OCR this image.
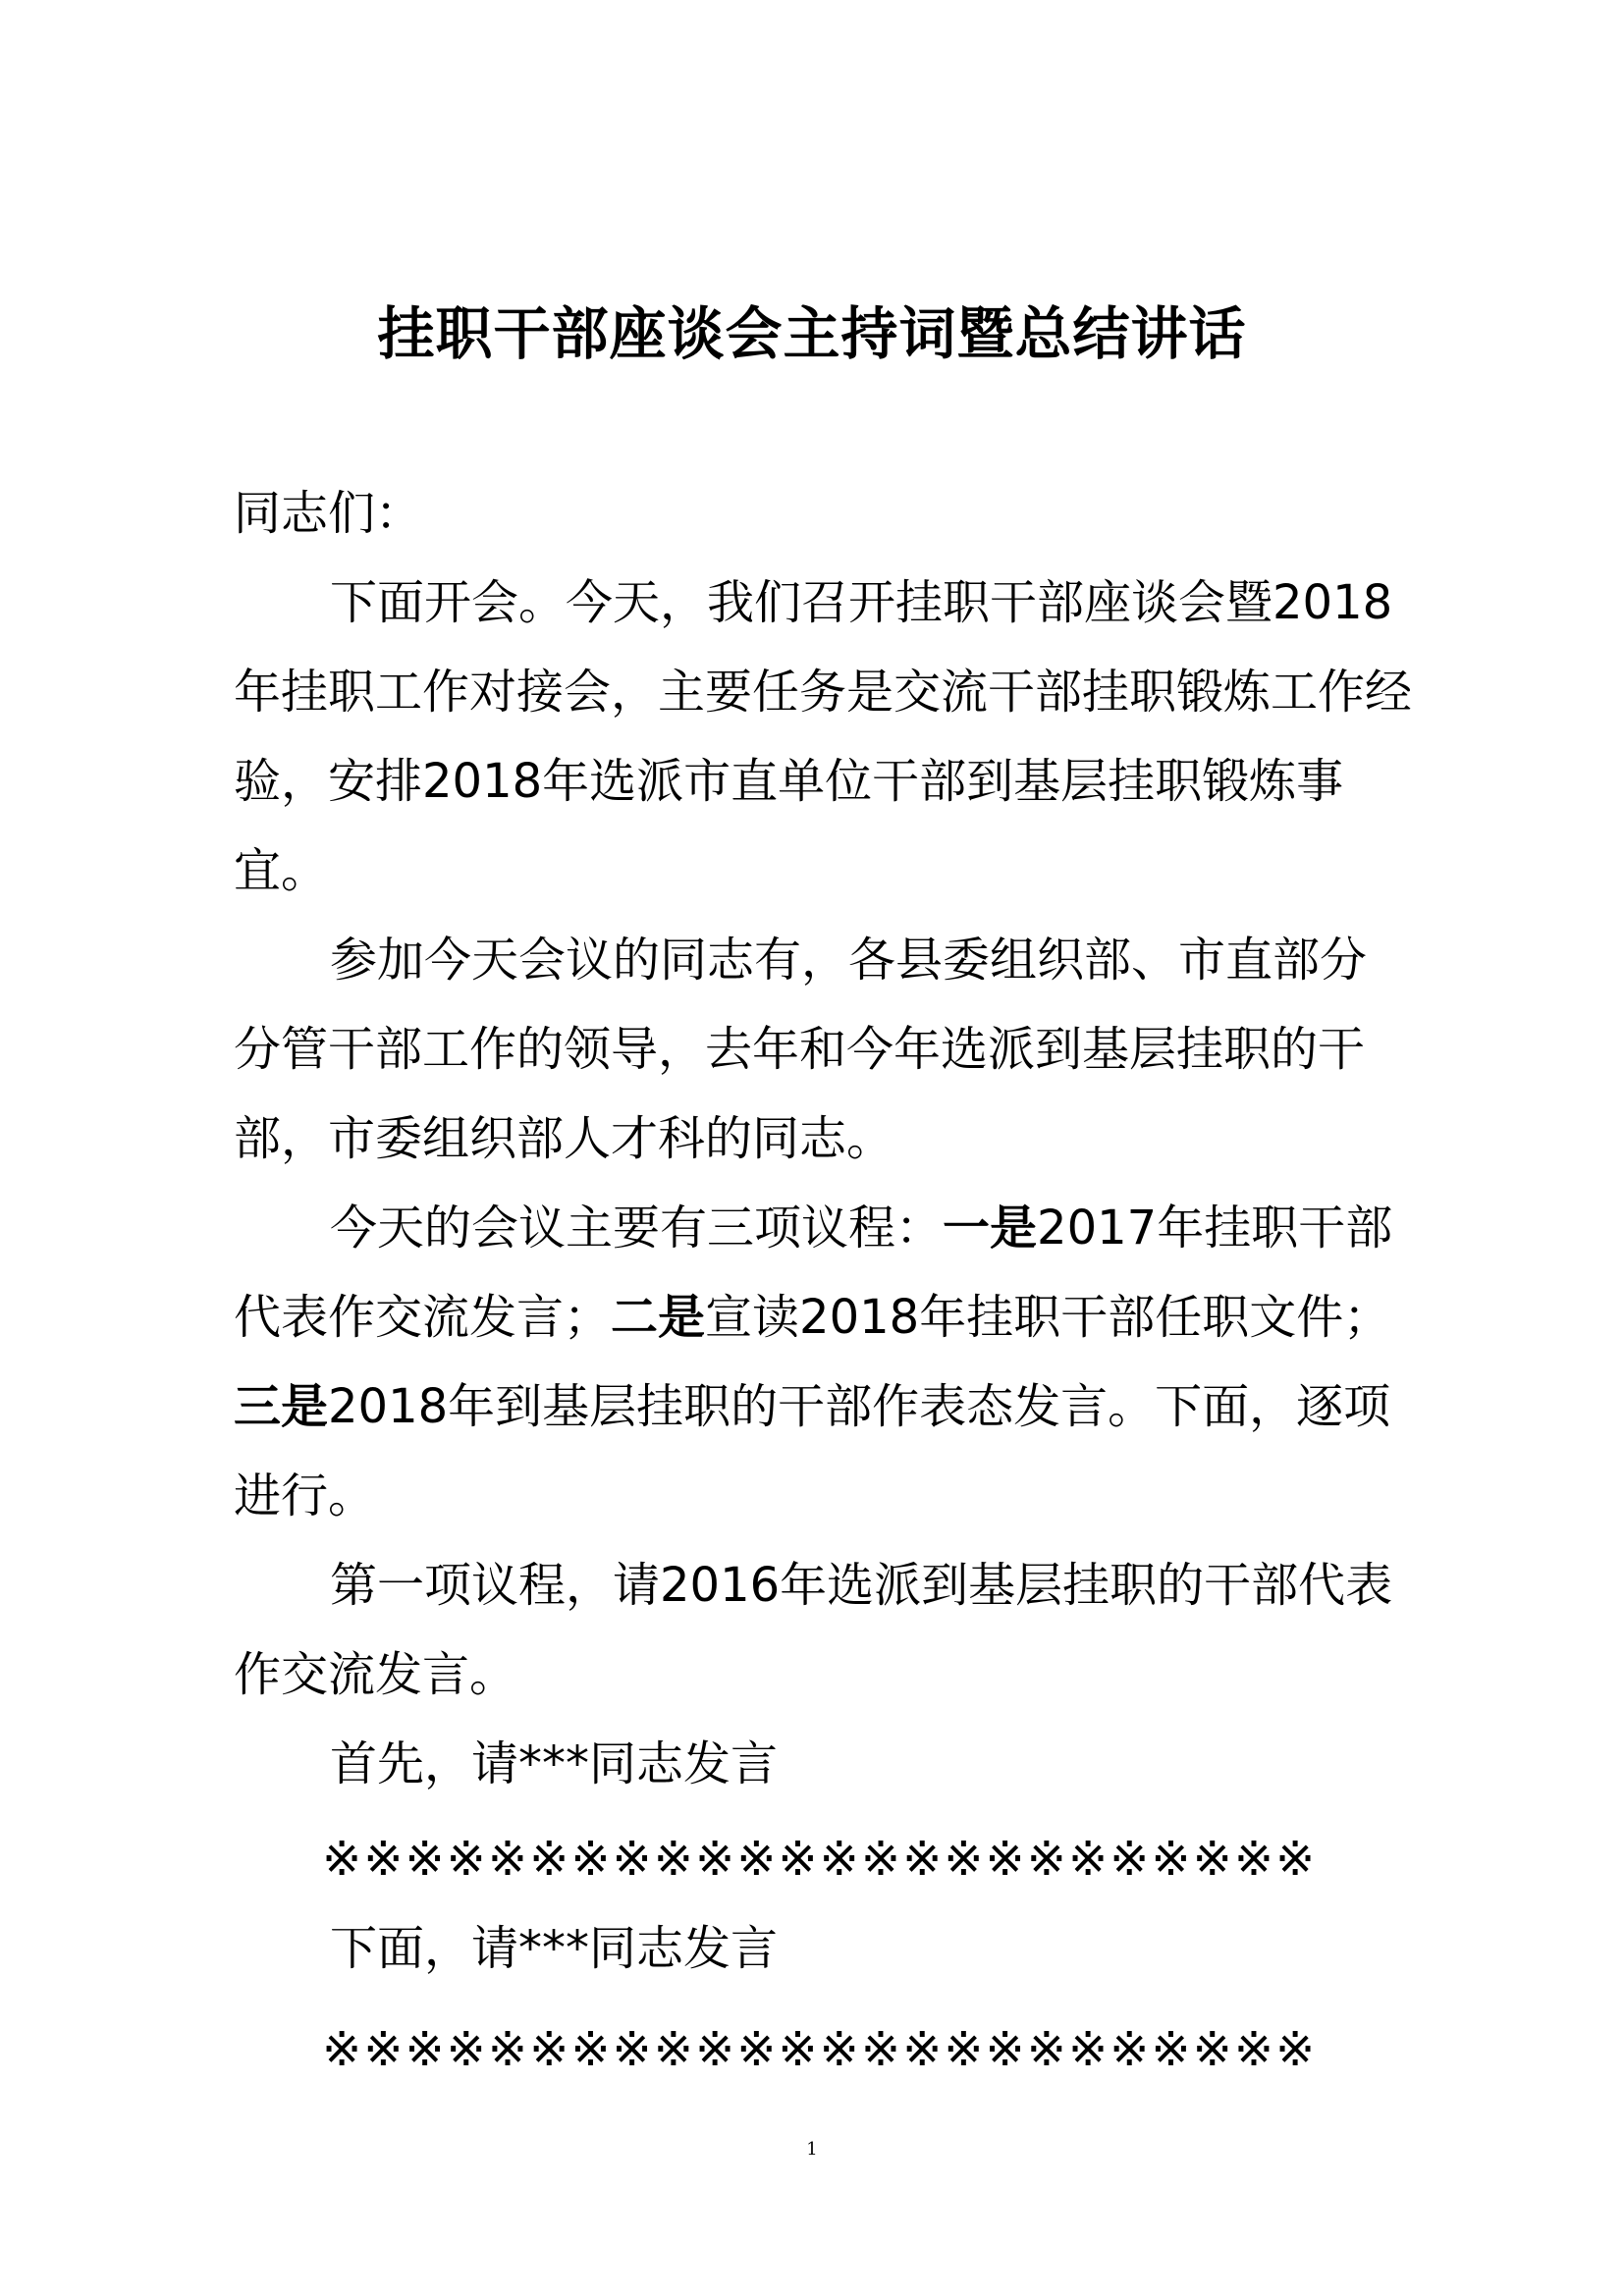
挂职干部座谈会主持词暨总结讲话

同志们：

下面开会。今天，我们召开挂职干部座谈会暨2018年挂职工作对接会，主要任务是交流干部挂职锻炼工作经验，安排2018年选派市直单位干部到基层挂职锻炼事宜。

参加今天会议的同志有，各县委组织部、市直部分分管干部工作的领导，去年和今年选派到基层挂职的干部，市委组织部人才科的同志。

今天的会议主要有三项议程：一是2017年挂职干部代表作交流发言；二是宣读2018年挂职干部任职文件；三是2018年到基层挂职的干部作表态发言。下面，逐项进行。

第一项议程，请2016年选派到基层挂职的干部代表作交流发言。

首先，请***同志发言

※※※※※※※※※※※※※※※※※※※※※※※※

下面，请***同志发言

※※※※※※※※※※※※※※※※※※※※※※※※

1
